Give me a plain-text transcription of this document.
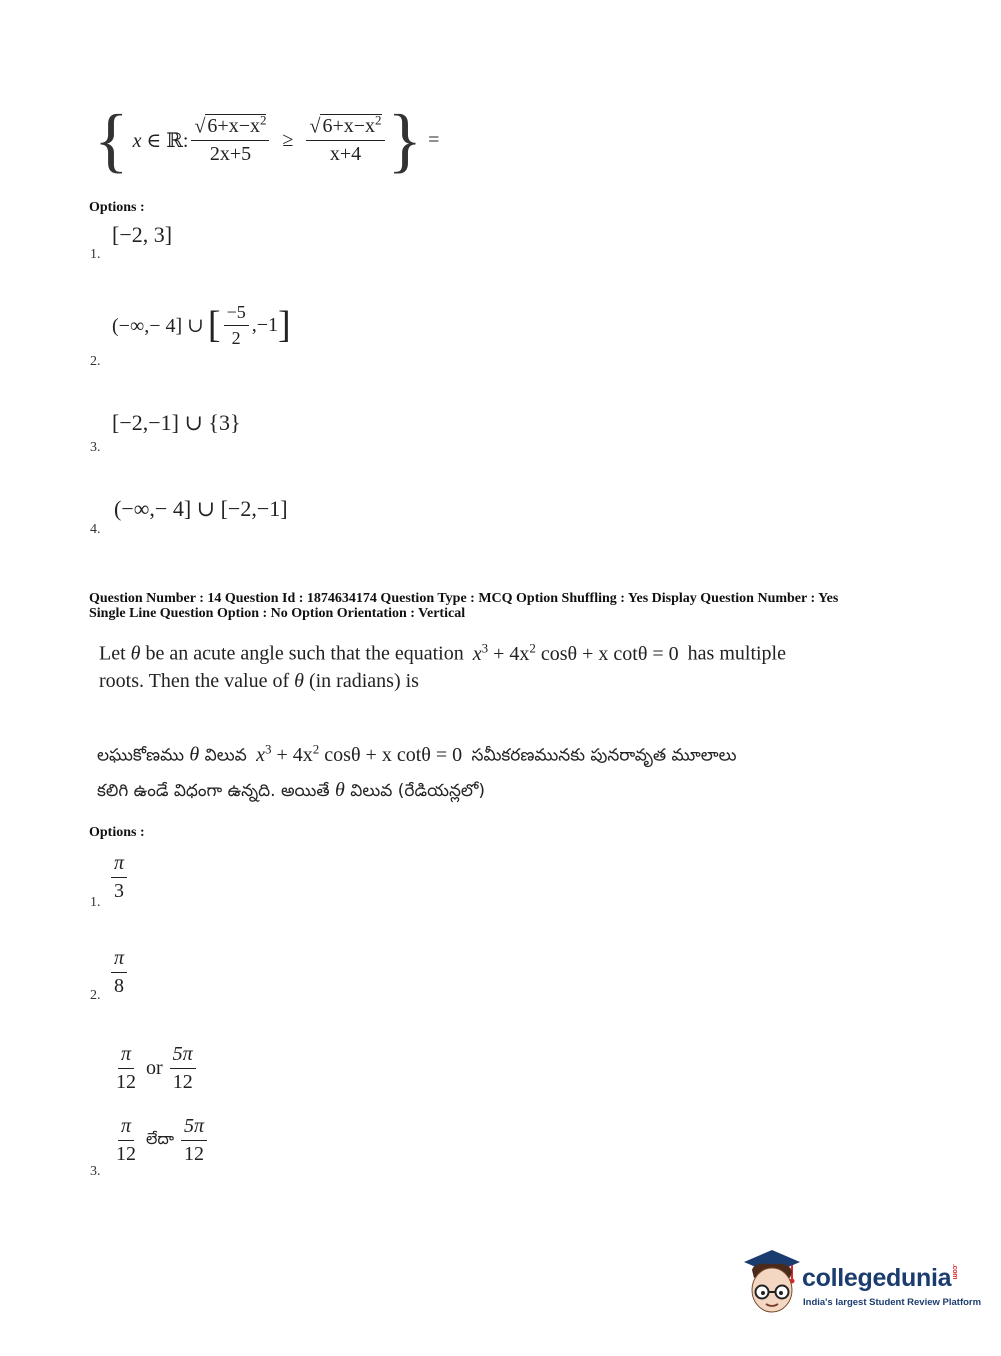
{ x ∈ ℝ: $\frac{√ 6+x-x^2}{2x+5} \ge \frac{√ 6+x-x^2}{x+4}$ } =
Options :
[−2, 3]
1.
(−∞,− 4] ∪ [ $\frac{-5}{2} ,-1$ ]
2.
[−2,−1] ∪ {3}
3.
(−∞,− 4] ∪ [−2,−1]
4.
Question Number : 14 Question Id : 1874634174 Question Type : MCQ Option Shuffling : Yes Display Question Number : Yes
Single Line Question Option : No Option Orientation : Vertical
Let θ be an acute angle such that the equation $x^3 + 4x^2$ cosθ + x cotθ = 0 has multiple
roots. Then the value of θ (in radians) is
లఘుకోణము θ విలువ $x^3 + 4x^2$ cosθ + x cotθ = 0 సమీకరణమునకు పునరావృత మూలాలు
కలిగి ఉండే విధంగా ఉన్నది. అయితే θ విలువ (రేడియన్లలో)
Options :
$\frac{\pi}{3}$
1.
$\frac{\pi}{8}$
2.
$\frac{\pi}{12}$ or $\frac{5\pi}{12}$
$\frac{\pi}{12}$ లేదా $\frac{5\pi}{12}$
3.
collegedunia.com
India's largest Student Review Platform
